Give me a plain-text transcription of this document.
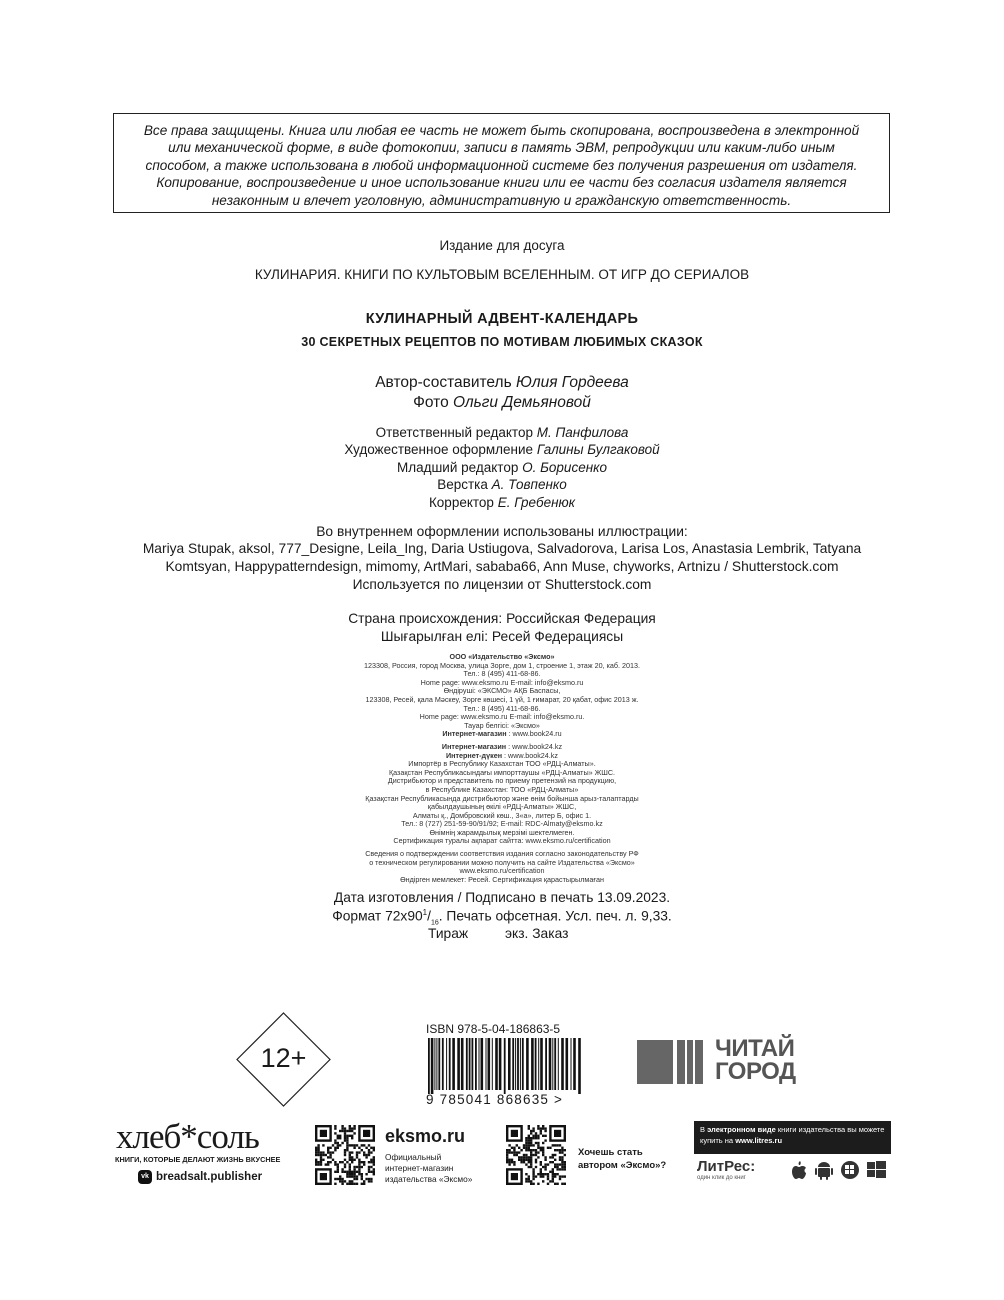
Все права защищены. Книга или любая ее часть не может быть скопирована, воспроизведена в электронной
или механической форме, в виде фотокопии, записи в память ЭВМ, репродукции или каким-либо иным
способом, а также использована в любой информационной системе без получения разрешения от издателя.
Копирование, воспроизведение и иное использование книги или ее части без согласия издателя является
незаконным и влечет уголовную, административную и гражданскую ответственность.
Издание для досуга
КУЛИНАРИЯ. КНИГИ ПО КУЛЬТОВЫМ ВСЕЛЕННЫМ. ОТ ИГР ДО СЕРИАЛОВ
КУЛИНАРНЫЙ АДВЕНТ-КАЛЕНДАРЬ
30 СЕКРЕТНЫХ РЕЦЕПТОВ ПО МОТИВАМ ЛЮБИМЫХ СКАЗОК
Автор-составитель Юлия Гордеева
Фото Ольги Демьяновой
Ответственный редактор М. Панфилова
Художественное оформление Галины Булгаковой
Младший редактор О. Борисенко
Верстка А. Товпенко
Корректор Е. Гребенюк
Во внутреннем оформлении использованы иллюстрации:
Mariya Stupak, aksol, 777_Designe, Leila_Ing, Daria Ustiugova, Salvadorova, Larisa Los, Anastasia Lembrik, Tatyana
Komtsyan, Happypatterndesign, mimomy, ArtMari, sababa66, Ann Muse, chyworks, Artnizu / Shutterstock.com
Используется по лицензии от Shutterstock.com
Страна происхождения: Российская Федерация
Шығарылған елі: Ресей Федерациясы
ООО «Издательство «Эксмо»
123308, Россия, город Москва, улица Зорге, дом 1, строение 1, этаж 20, каб. 2013.
Тел.: 8 (495) 411-68-86.
Home page: www.eksmo.ru E-mail: info@eksmo.ru
Өндіруші: «ЭКСМО» АҚБ Баспасы,
123308, Ресей, қала Мәскеу, Зорге көшесі, 1 үй, 1 ғимарат, 20 қабат, офис 2013 ж.
Тел.: 8 (495) 411-68-86.
Home page: www.eksmo.ru E-mail: info@eksmo.ru.
Тауар белгісі: «Эксмо»
Интернет-магазин : www.book24.ru
Интернет-магазин : www.book24.kz
Интернет-дүкен : www.book24.kz
Импортёр в Республику Казахстан ТОО «РДЦ-Алматы».
Қазақстан Республикасындағы импорттаушы «РДЦ-Алматы» ЖШС.
Дистрибьютор и представитель по приему претензий на продукцию,
в Республике Казахстан: ТОО «РДЦ-Алматы»
Қазақстан Республикасында дистрибьютор және өнім бойынша арыз-талаптарды
қабылдаушының өкілі «РДЦ-Алматы» ЖШС,
Алматы қ., Домбровский көш., 3«а», литер Б, офис 1.
Тел.: 8 (727) 251-59-90/91/92; E-mail: RDC-Almaty@eksmo.kz
Өнімнің жарамдылық мерзімі шектелмеген.
Сертификация туралы ақпарат сайтта: www.eksmo.ru/certification
Сведения о подтверждении соответствия издания согласно законодательству РФ
о техническом регулировании можно получить на сайте Издательства «Эксмо»
www.eksmo.ru/certification
Өндірген мемлекет: Ресей. Сертификация қарастырылмаған
Дата изготовления / Подписано в печать 13.09.2023.
Формат $72х90^1/_{16}$. Печать офсетная. Усл. печ. л. 9,33.
Тираж	экз. Заказ
12+
ISBN 978-5-04-186863-5
9 785041 868635 >
ЧИТАЙ
ГОРОД
хлеб*соль
КНИГИ, КОТОРЫЕ ДЕЛАЮТ ЖИЗНЬ ВКУСНЕЕ
vk breadsalt.publisher
eksmo.ru
Официальный
интернет-магазин
издательства «Эксмо»
Хочешь стать
автором «Эксмо»?
В электронном виде книги издательства вы можете
купить на www.litres.ru
ЛитРес:
один клик до книг
